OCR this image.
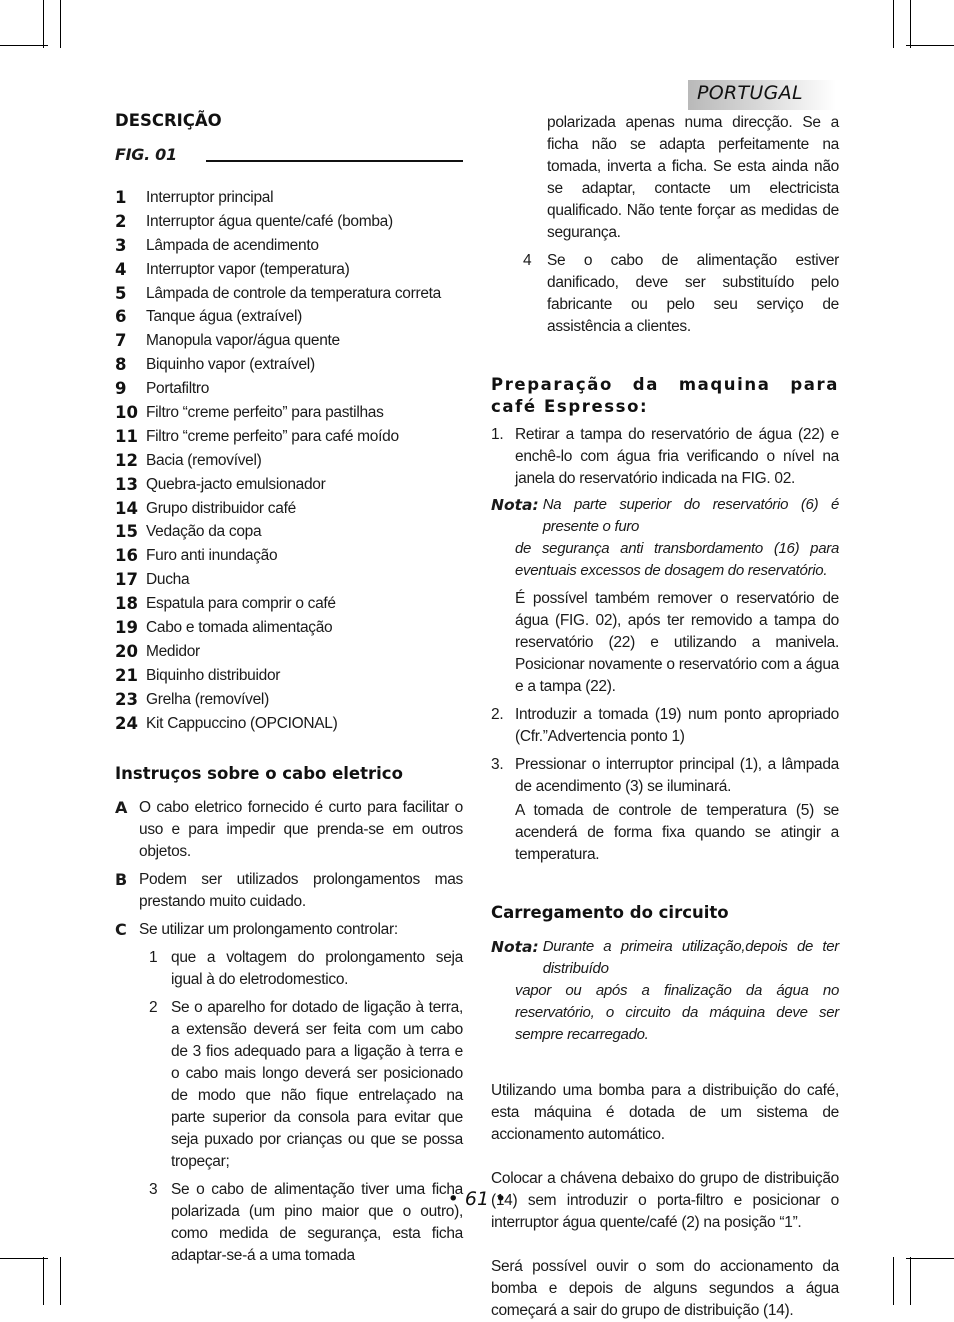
PORTUGAL
DESCRIÇÃO
FIG. 01
1	Interruptor principal
2	Interruptor água quente/café (bomba)
3	Lâmpada de acendimento
4	Interruptor vapor (temperatura)
5	Lâmpada de controle da temperatura correta
6	Tanque água (extraível)
7	Manopula vapor/água quente
8	Biquinho vapor (extraível)
9	Portafiltro
10 Filtro “creme perfeito” para pastilhas
11 Filtro “creme perfeito” para café moído
12 Bacia (removível)
13 Quebra-jacto emulsionador
14 Grupo distribuidor café
15 Vedação da copa
16 Furo anti inundação
17 Ducha
18 Espatula para comprir o café
19 Cabo e tomada alimentação
20 Medidor
21 Biquinho distribuidor
23 Grelha (removível)
24 Kit Cappuccino (OPCIONAL)
Instruços sobre o cabo eletrico
A O cabo eletrico fornecido é curto para facilitar o uso e para impedir que prenda-se em outros objetos.
B Podem ser utilizados prolongamentos mas prestando muito cuidado.
C Se utilizar um prolongamento controlar:
1 que a voltagem do prolongamento seja igual à do eletrodomestico.
2 Se o aparelho for dotado de ligação à terra, a extensão deverá ser feita com um cabo de 3 fios adequado para a ligação à terra e o cabo mais longo deverá ser posicionado de modo que não fique entrelaçado na parte superior da consola para evitar que seja puxado por crianças ou que se possa tropeçar;
3 Se o cabo de alimentação tiver uma ficha polarizada (um pino maior que o outro), como medida de segurança, esta ficha adaptar-se-á a uma tomada
polarizada apenas numa direcção. Se a ficha não se adapta perfeitamente na tomada, inverta a ficha. Se esta ainda não se adaptar, contacte um electricista qualificado. Não tente forçar as medidas de segurança.
4	Se o cabo de alimentação estiver danificado, deve ser substituído pelo fabricante ou pelo seu serviço de assistência a clientes.
Preparação da maquina para café Espresso:
1. Retirar a tampa do reservatório de água (22) e enchê-lo com água fria verificando o nível na janela do reservatório indicada na FIG. 02.
Nota: Na parte superior do reservatório (6) é presente o furo
de segurança anti transbordamento (16) para eventuais excessos de dosagem do reservatório.
É possível também remover o reservatório de água (FIG. 02), após ter removido a tampa do reservatório (22) e utilizando a manivela. Posicionar novamente o reservatório com a água e a tampa (22).
2. Introduzir a tomada (19) num ponto apropriado (Cfr.”Advertencia ponto 1)
3. Pressionar o interruptor principal (1), a lâmpada de acendimento (3) se iluminará.
A tomada de controle de temperatura (5) se acenderá de forma fixa quando se atingir a temperatura.
Carregamento do circuito
Nota: Durante a primeira utilização,depois de ter distribuído
vapor ou após a finalização da água no reservatório, o circuito da máquina deve ser sempre recarregado.
Utilizando uma bomba para a distribuição do café, esta máquina é dotada de um sistema de accionamento automático.
Colocar a chávena debaixo do grupo de distribuição (14) sem introduzir o porta-filtro e posicionar o interruptor água quente/café (2) na posição “1”.
Será possível ouvir o som do accionamento da bomba e depois de alguns segundos a água começará a sair do grupo de distribuição (14).
• 61 •
